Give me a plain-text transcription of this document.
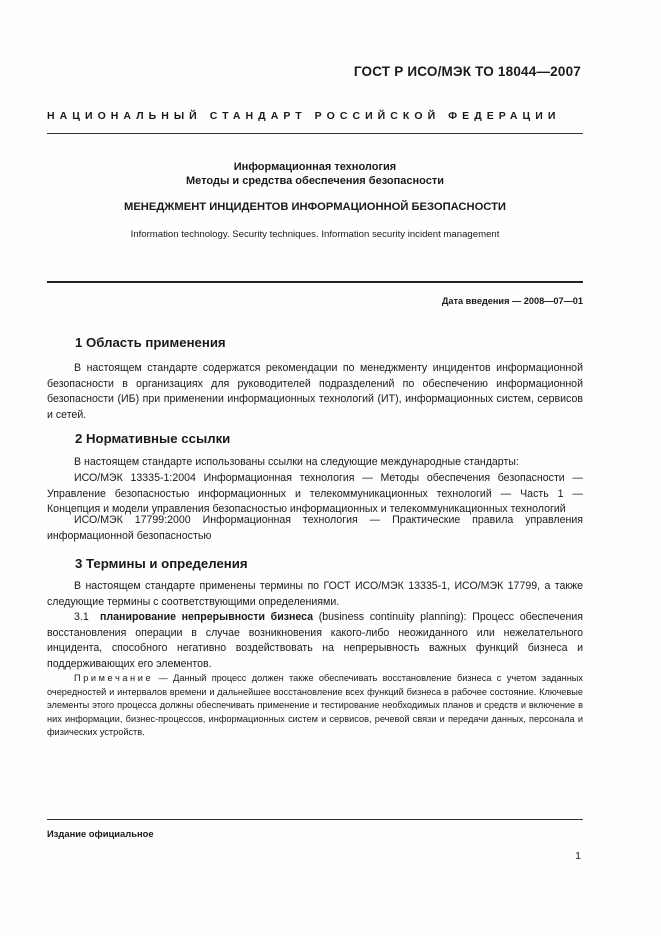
ГОСТ Р ИСО/МЭК ТО 18044—2007
НАЦИОНАЛЬНЫЙ СТАНДАРТ РОССИЙСКОЙ ФЕДЕРАЦИИ
Информационная технология
Методы и средства обеспечения безопасности
МЕНЕДЖМЕНТ ИНЦИДЕНТОВ ИНФОРМАЦИОННОЙ БЕЗОПАСНОСТИ
Information technology. Security techniques. Information security incident management
Дата введения — 2008—07—01
1 Область применения

В настоящем стандарте содержатся рекомендации по менеджменту инцидентов информационной безопасности в организациях для руководителей подразделений по обеспечению информационной безопасности (ИБ) при применении информационных технологий (ИТ), информационных систем, сервисов и сетей.

2 Нормативные ссылки

В настоящем стандарте использованы ссылки на следующие международные стандарты:

ИСО/МЭК 13335-1:2004 Информационная технология — Методы обеспечения безопасности — Управление безопасностью информационных и телекоммуникационных технологий — Часть 1 — Концепция и модели управления безопасностью информационных и телекоммуникационных технологий

ИСО/МЭК 17799:2000 Информационная технология — Практические правила управления информационной безопасностью

3 Термины и определения

В настоящем стандарте применены термины по ГОСТ ИСО/МЭК 13335-1, ИСО/МЭК 17799, а также следующие термины с соответствующими определениями.

3.1 планирование непрерывности бизнеса (business continuity planning): Процесс обеспечения восстановления операции в случае возникновения какого-либо неожиданного или нежелательного инцидента, способного негативно воздействовать на непрерывность важных функций бизнеса и поддерживающих его элементов.

Примечание — Данный процесс должен также обеспечивать восстановление бизнеса с учетом заданных очередностей и интервалов времени и дальнейшее восстановление всех функций бизнеса в рабочее состояние. Ключевые элементы этого процесса должны обеспечивать применение и тестирование необходимых планов и средств и включение в них информации, бизнес-процессов, информационных систем и сервисов, речевой связи и передачи данных, персонала и физических устройств.

Издание официальное
1
